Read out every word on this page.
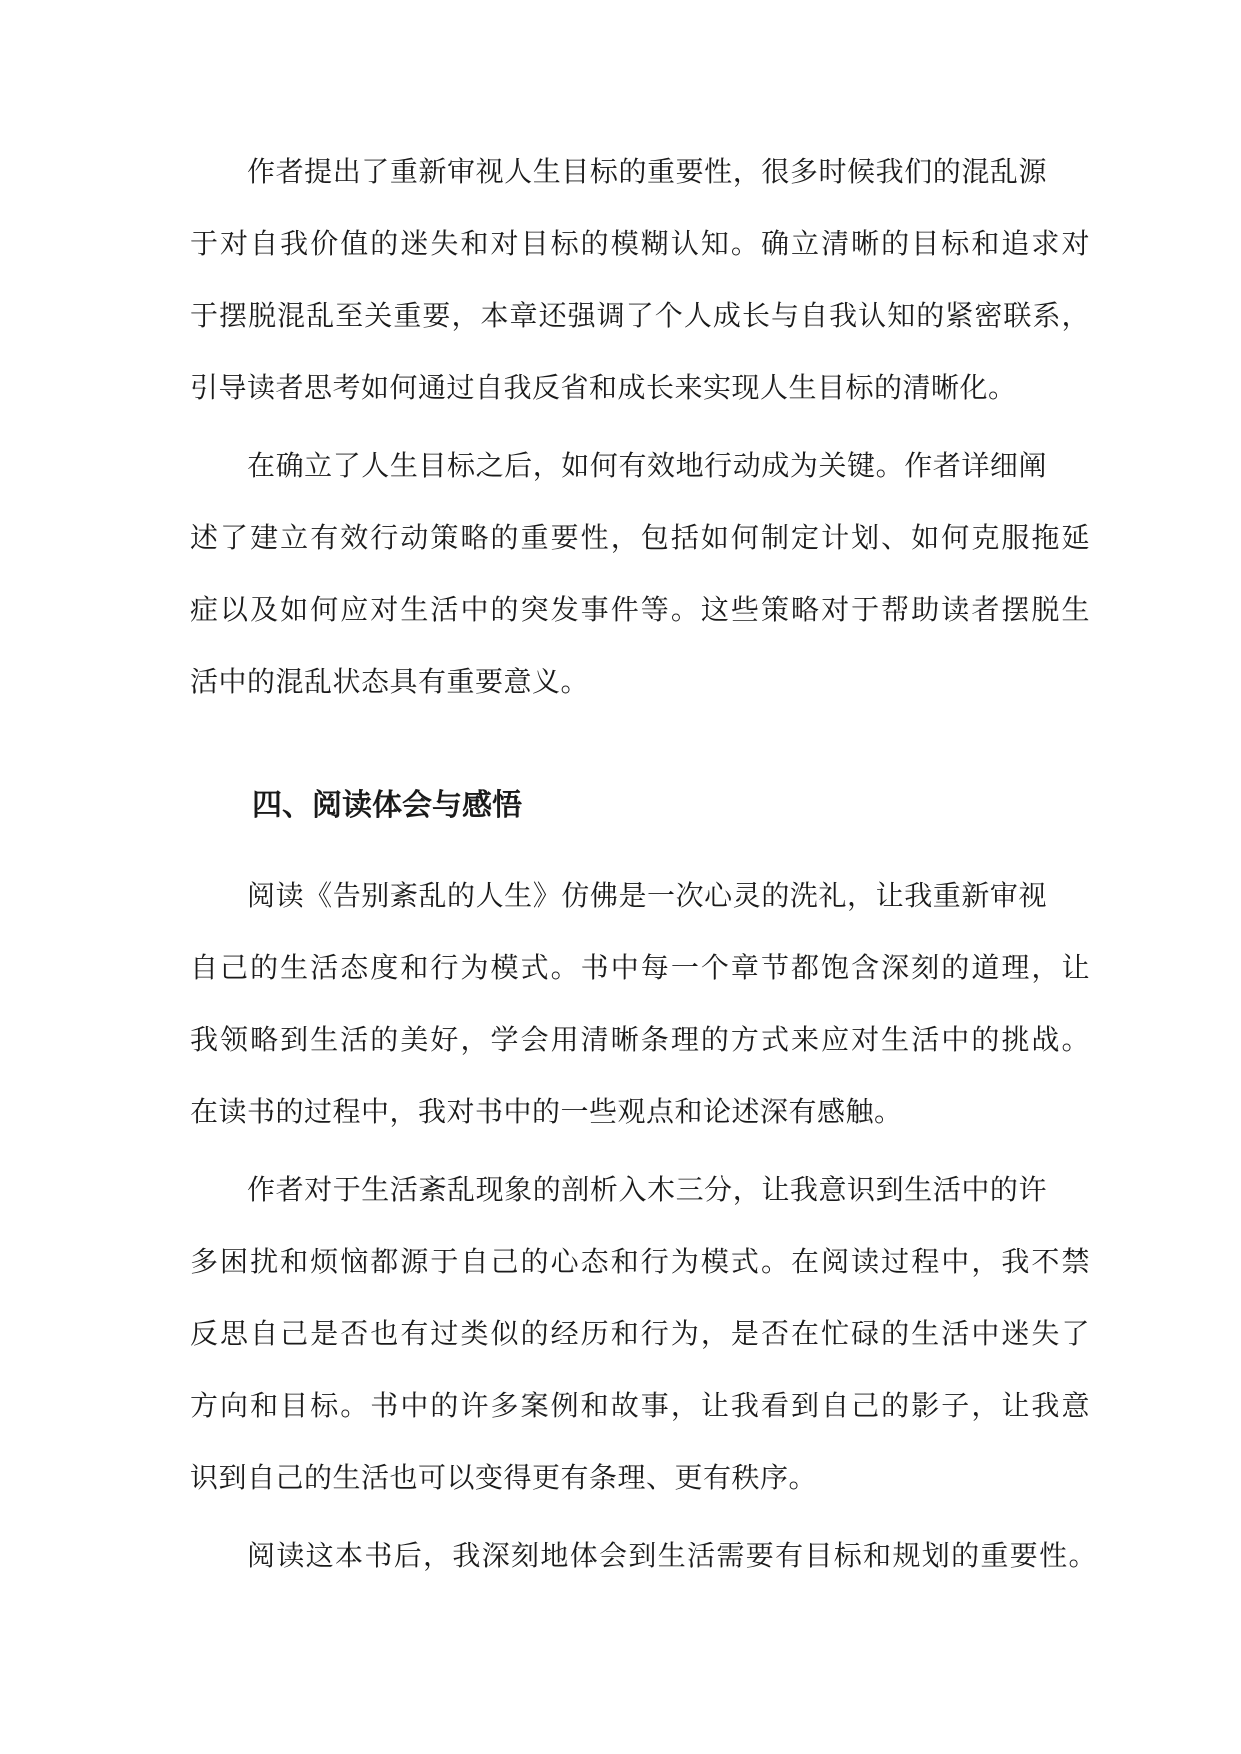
作者提出了重新审视人生目标的重要性，很多时候我们的混乱源
于对自我价值的迷失和对目标的模糊认知。确立清晰的目标和追求对
于摆脱混乱至关重要，本章还强调了个人成长与自我认知的紧密联系，
引导读者思考如何通过自我反省和成长来实现人生目标的清晰化。
在确立了人生目标之后，如何有效地行动成为关键。作者详细阐
述了建立有效行动策略的重要性，包括如何制定计划、如何克服拖延
症以及如何应对生活中的突发事件等。这些策略对于帮助读者摆脱生
活中的混乱状态具有重要意义。
四、阅读体会与感悟
阅读《告别紊乱的人生》仿佛是一次心灵的洗礼，让我重新审视
自己的生活态度和行为模式。书中每一个章节都饱含深刻的道理，让
我领略到生活的美好，学会用清晰条理的方式来应对生活中的挑战。
在读书的过程中，我对书中的一些观点和论述深有感触。
作者对于生活紊乱现象的剖析入木三分，让我意识到生活中的许
多困扰和烦恼都源于自己的心态和行为模式。在阅读过程中，我不禁
反思自己是否也有过类似的经历和行为，是否在忙碌的生活中迷失了
方向和目标。书中的许多案例和故事，让我看到自己的影子，让我意
识到自己的生活也可以变得更有条理、更有秩序。
阅读这本书后，我深刻地体会到生活需要有目标和规划的重要性。
